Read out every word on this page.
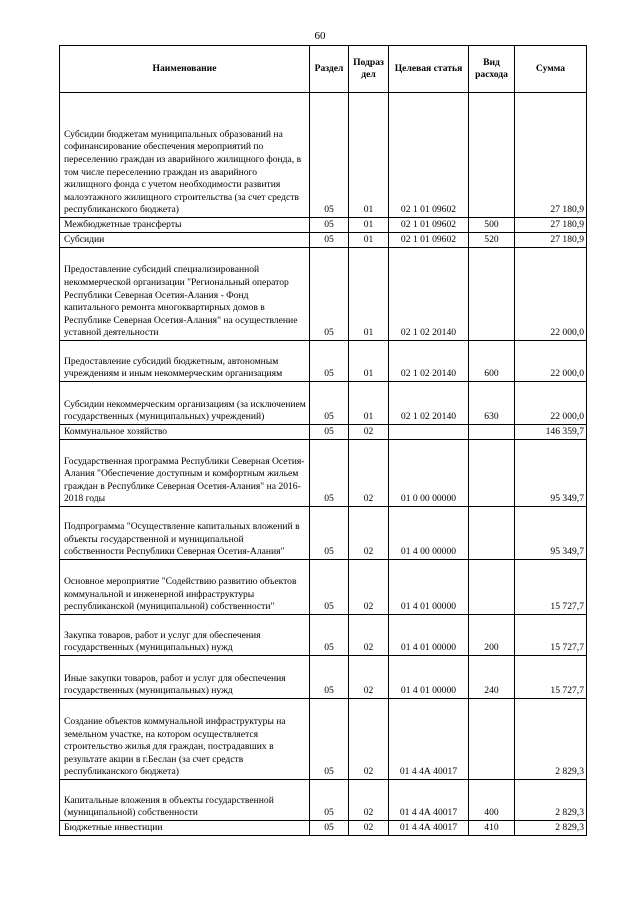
60
Наименование	Раздел	Подраз дел	Целевая статья	Вид расхода	Сумма

Субсидии бюджетам муниципальных образований на софинансирование обеспечения мероприятий по переселению граждан из аварийного жилищного фонда, в том числе переселению граждан из аварийного жилищного фонда с учетом необходимости развития малоэтажного жилищного строительства (за счет средств республиканского бюджета)	05	01	02 1 01 09602		27 180,9

Межбюджетные трансферты	05	01	02 1 01 09602	500	27 180,9

Субсидии	05	01	02 1 01 09602	520	27 180,9

Предоставление субсидий специализированной некоммерческой организации "Региональный оператор Республики Северная Осетия-Алания - Фонд капитального ремонта многоквартирных домов в Республике Северная Осетия-Алания" на осуществление уставной деятельности	05	01	02 1 02 20140		22 000,0

Предоставление субсидий бюджетным, автономным учреждениям и иным некоммерческим организациям	05	01	02 1 02 20140	600	22 000,0

Субсидии некоммерческим организациям (за исключением государственных (муниципальных) учреждений)	05	01	02 1 02 20140	630	22 000,0

Коммунальное хозяйство	05	02			146 359,7

Государственная программа Республики Северная Осетия-Алания "Обеспечение доступным и комфортным жильем граждан в Республике Северная Осетия-Алания" на 2016-2018 годы	05	02	01 0 00 00000		95 349,7

Подпрограмма "Осуществление капитальных вложений в объекты государственной и муниципальной собственности Республики Северная Осетия-Алания"	05	02	01 4 00 00000		95 349,7

Основное мероприятие "Содействию развитию объектов коммунальной и инженерной инфраструктуры республиканской (муниципальной) собственности"	05	02	01 4 01 00000		15 727,7

Закупка товаров, работ и услуг для обеспечения государственных (муниципальных) нужд	05	02	01 4 01 00000	200	15 727,7

Иные закупки товаров, работ и услуг для обеспечения государственных (муниципальных) нужд	05	02	01 4 01 00000	240	15 727,7

Создание объектов коммунальной инфраструктуры на земельном участке, на котором осуществляется строительство жилья для граждан, пострадавших в результате акции в г.Беслан (за счет средств республиканского бюджета)	05	02	01 4 4А 40017		2 829,3

Капитальные вложения в объекты государственной (муниципальной) собственности	05	02	01 4 4А 40017	400	2 829,3

Бюджетные инвестиции	05	02	01 4 4А 40017	410	2 829,3
